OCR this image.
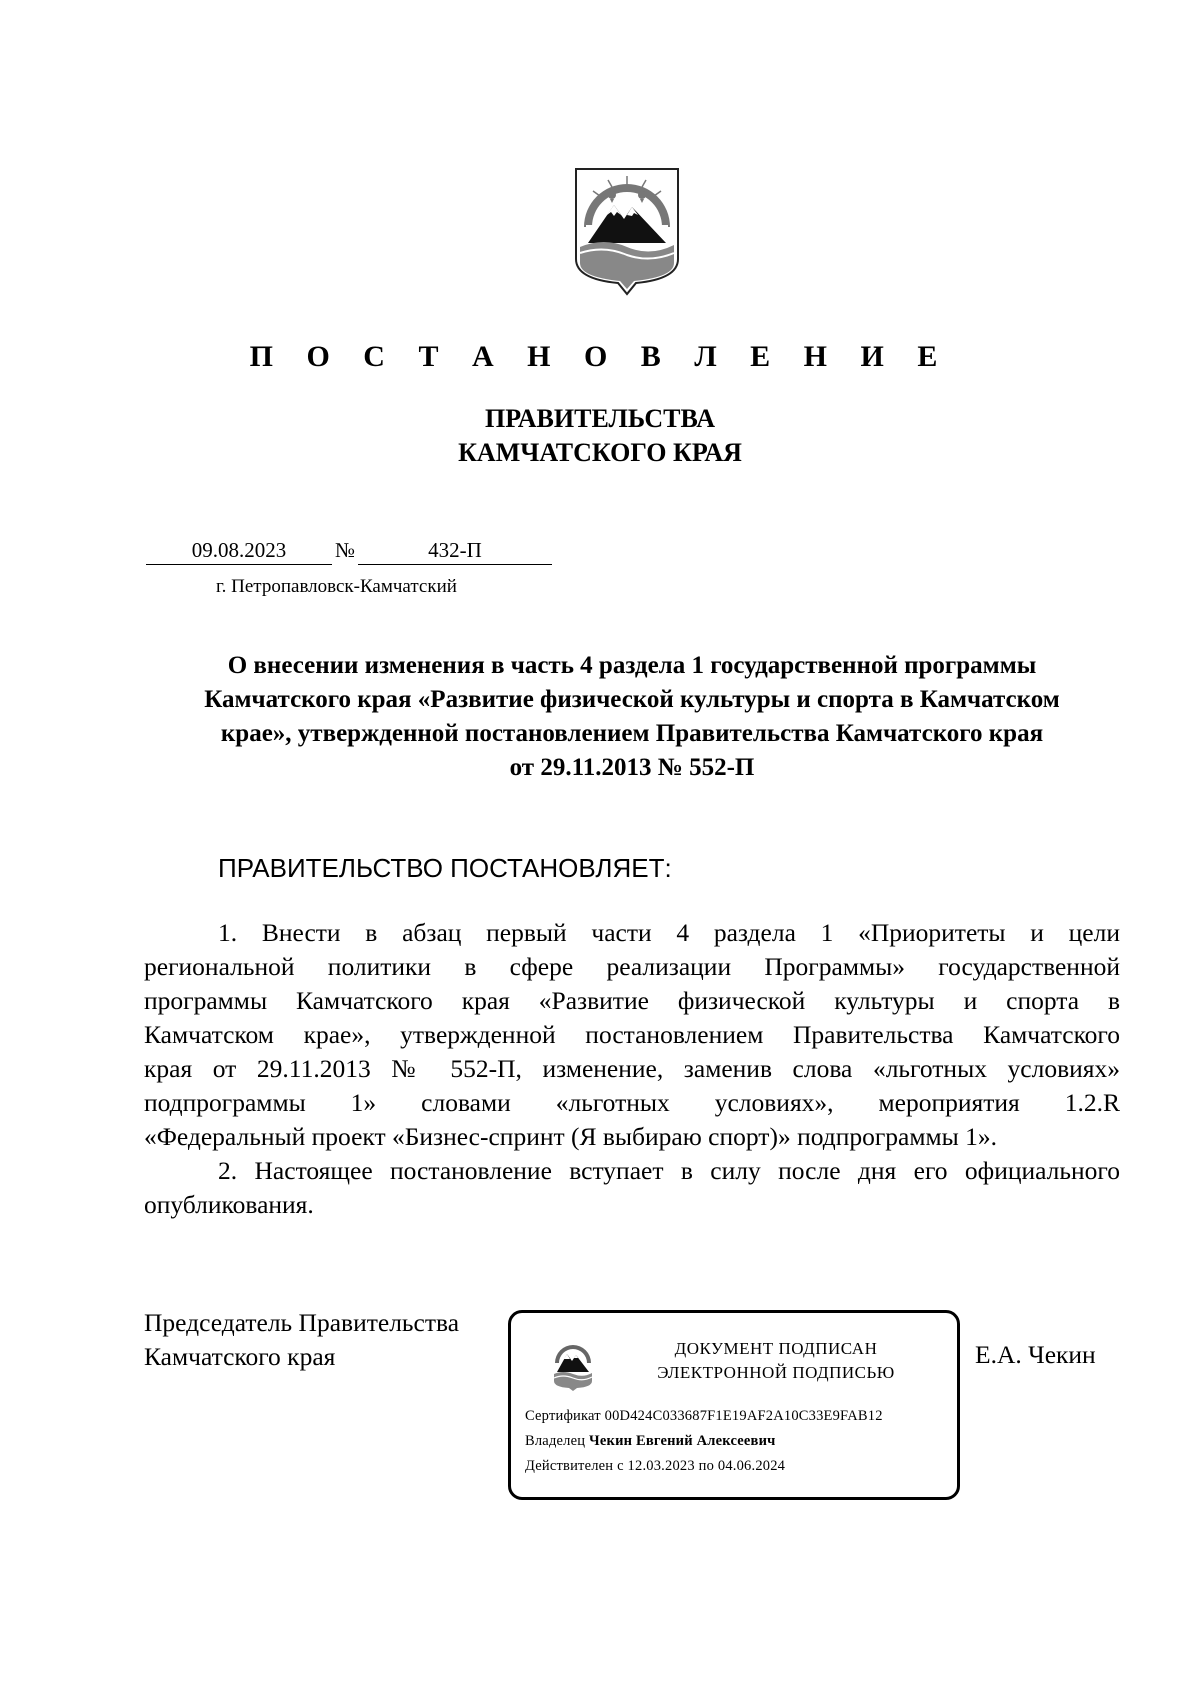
П О С Т А Н О В Л Е Н И Е
ПРАВИТЕЛЬСТВА
КАМЧАТСКОГО КРАЯ
09.08.2023	№	432-П
г. Петропавловск-Камчатский
О внесении изменения в часть 4 раздела 1 государственной программы
Камчатского края «Развитие физической культуры и спорта в Камчатском
крае», утвержденной постановлением Правительства Камчатского края
от 29.11.2013 № 552-П
ПРАВИТЕЛЬСТВО ПОСТАНОВЛЯЕТ:
1. Внести в абзац первый части 4 раздела 1 «Приоритеты и цели
региональной политики в сфере реализации Программы» государственной
программы Камчатского края «Развитие физической культуры и спорта в
Камчатском крае», утвержденной постановлением Правительства Камчатского
края от 29.11.2013 № 552-П, изменение, заменив слова «льготных условиях»
подпрограммы 1» словами «льготных условиях», мероприятия 1.2.R
«Федеральный проект «Бизнес-спринт (Я выбираю спорт)» подпрограммы 1».
2. Настоящее постановление вступает в силу после дня его официального
опубликования.
Председатель Правительства
Камчатского края	ДОКУМЕНТ ПОДПИСАН
ЭЛЕКТРОННОЙ ПОДПИСЬЮ
Сертификат 00D424C033687F1E19AF2A10C33E9FAB12
Владелец Чекин Евгений Алексеевич
Действителен с 12.03.2023 по 04.06.2024
Е.А. Чекин
